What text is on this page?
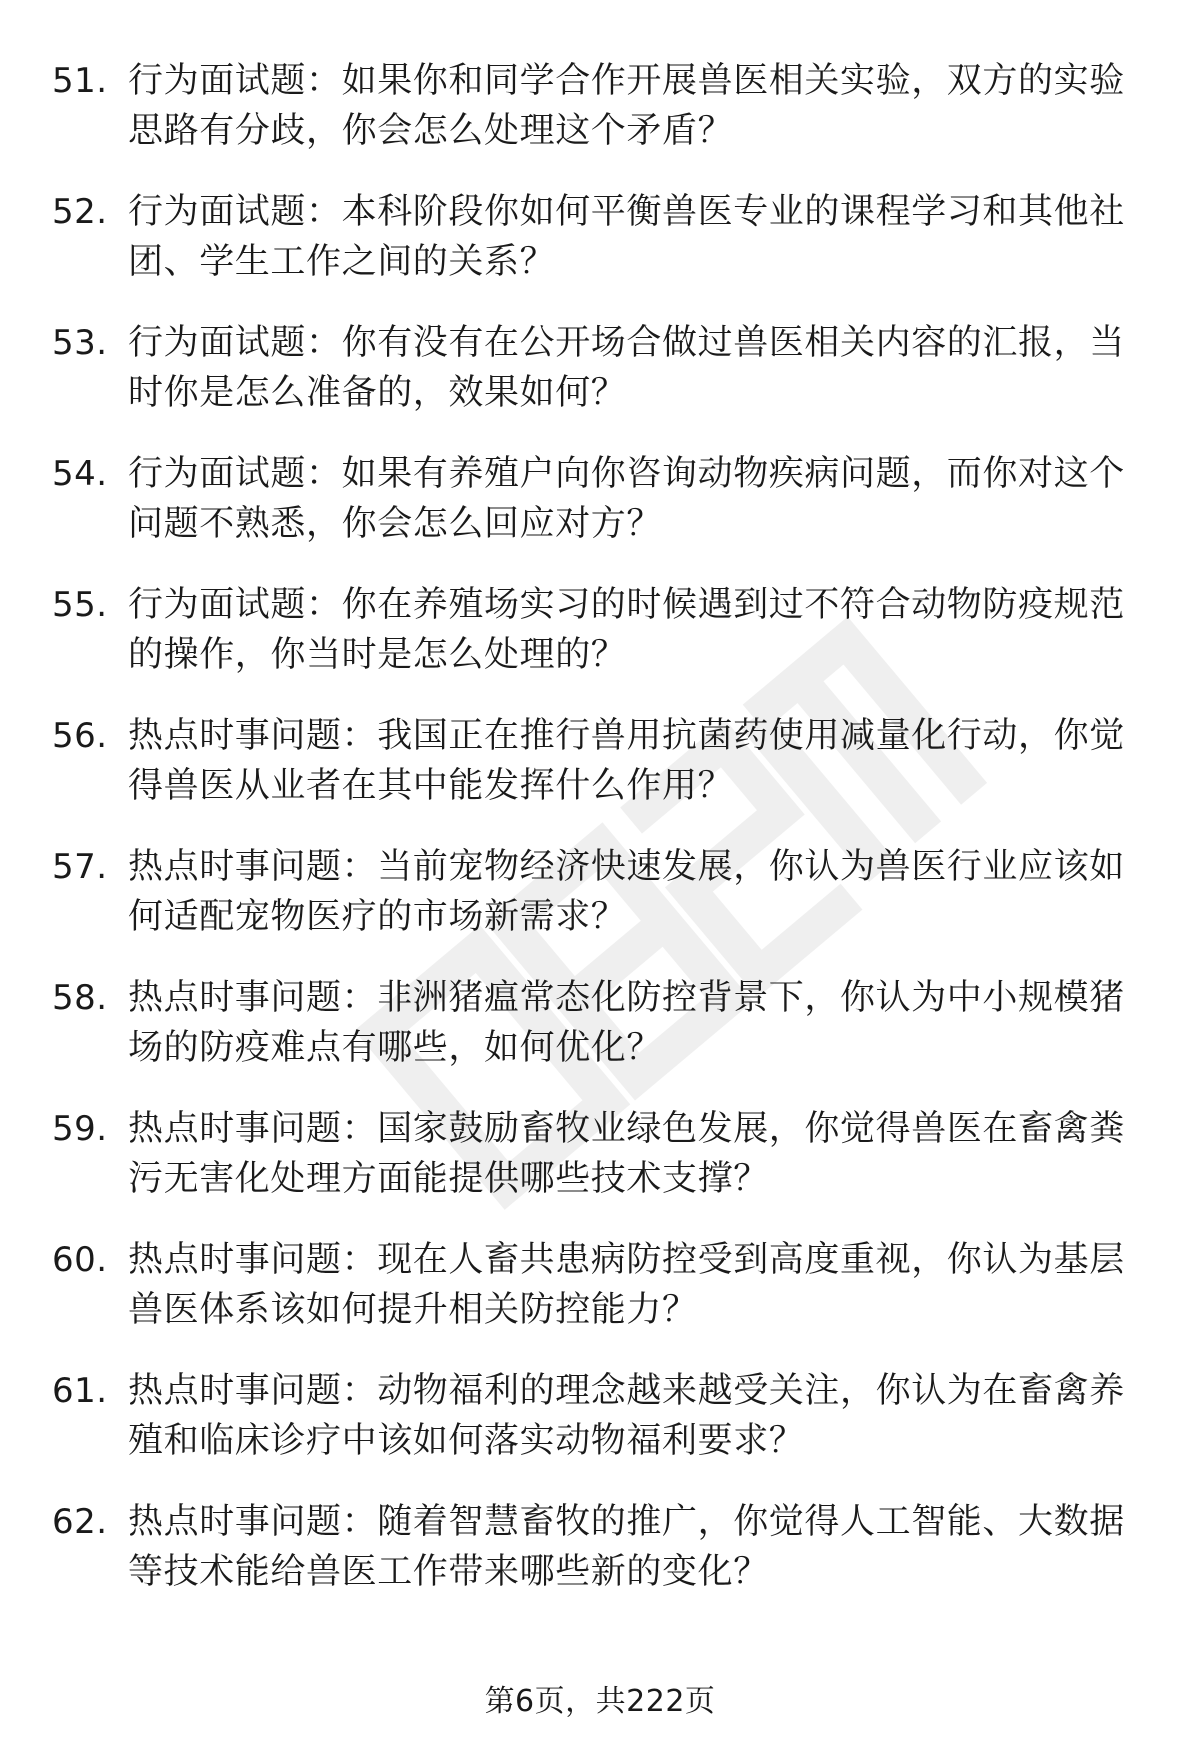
51. 行为面试题：如果你和同学合作开展兽医相关实验，双方的实验思路有分歧，你会怎么处理这个矛盾？
52. 行为面试题：本科阶段你如何平衡兽医专业的课程学习和其他社团、学生工作之间的关系？
53. 行为面试题：你有没有在公开场合做过兽医相关内容的汇报，当时你是怎么准备的，效果如何？
54. 行为面试题：如果有养殖户向你咨询动物疾病问题，而你对这个问题不熟悉，你会怎么回应对方？
55. 行为面试题：你在养殖场实习的时候遇到过不符合动物防疫规范的操作，你当时是怎么处理的？
56. 热点时事问题：我国正在推行兽用抗菌药使用减量化行动，你觉得兽医从业者在其中能发挥什么作用？
57. 热点时事问题：当前宠物经济快速发展，你认为兽医行业应该如何适配宠物医疗的市场新需求？
58. 热点时事问题：非洲猪瘟常态化防控背景下，你认为中小规模猪场的防疫难点有哪些，如何优化？
59. 热点时事问题：国家鼓励畜牧业绿色发展，你觉得兽医在畜禽粪污无害化处理方面能提供哪些技术支撑？
60. 热点时事问题：现在人畜共患病防控受到高度重视，你认为基层兽医体系该如何提升相关防控能力？
61. 热点时事问题：动物福利的理念越来越受关注，你认为在畜禽养殖和临床诊疗中该如何落实动物福利要求？
62. 热点时事问题：随着智慧畜牧的推广，你觉得人工智能、大数据等技术能给兽医工作带来哪些新的变化？
第6页，共222页
